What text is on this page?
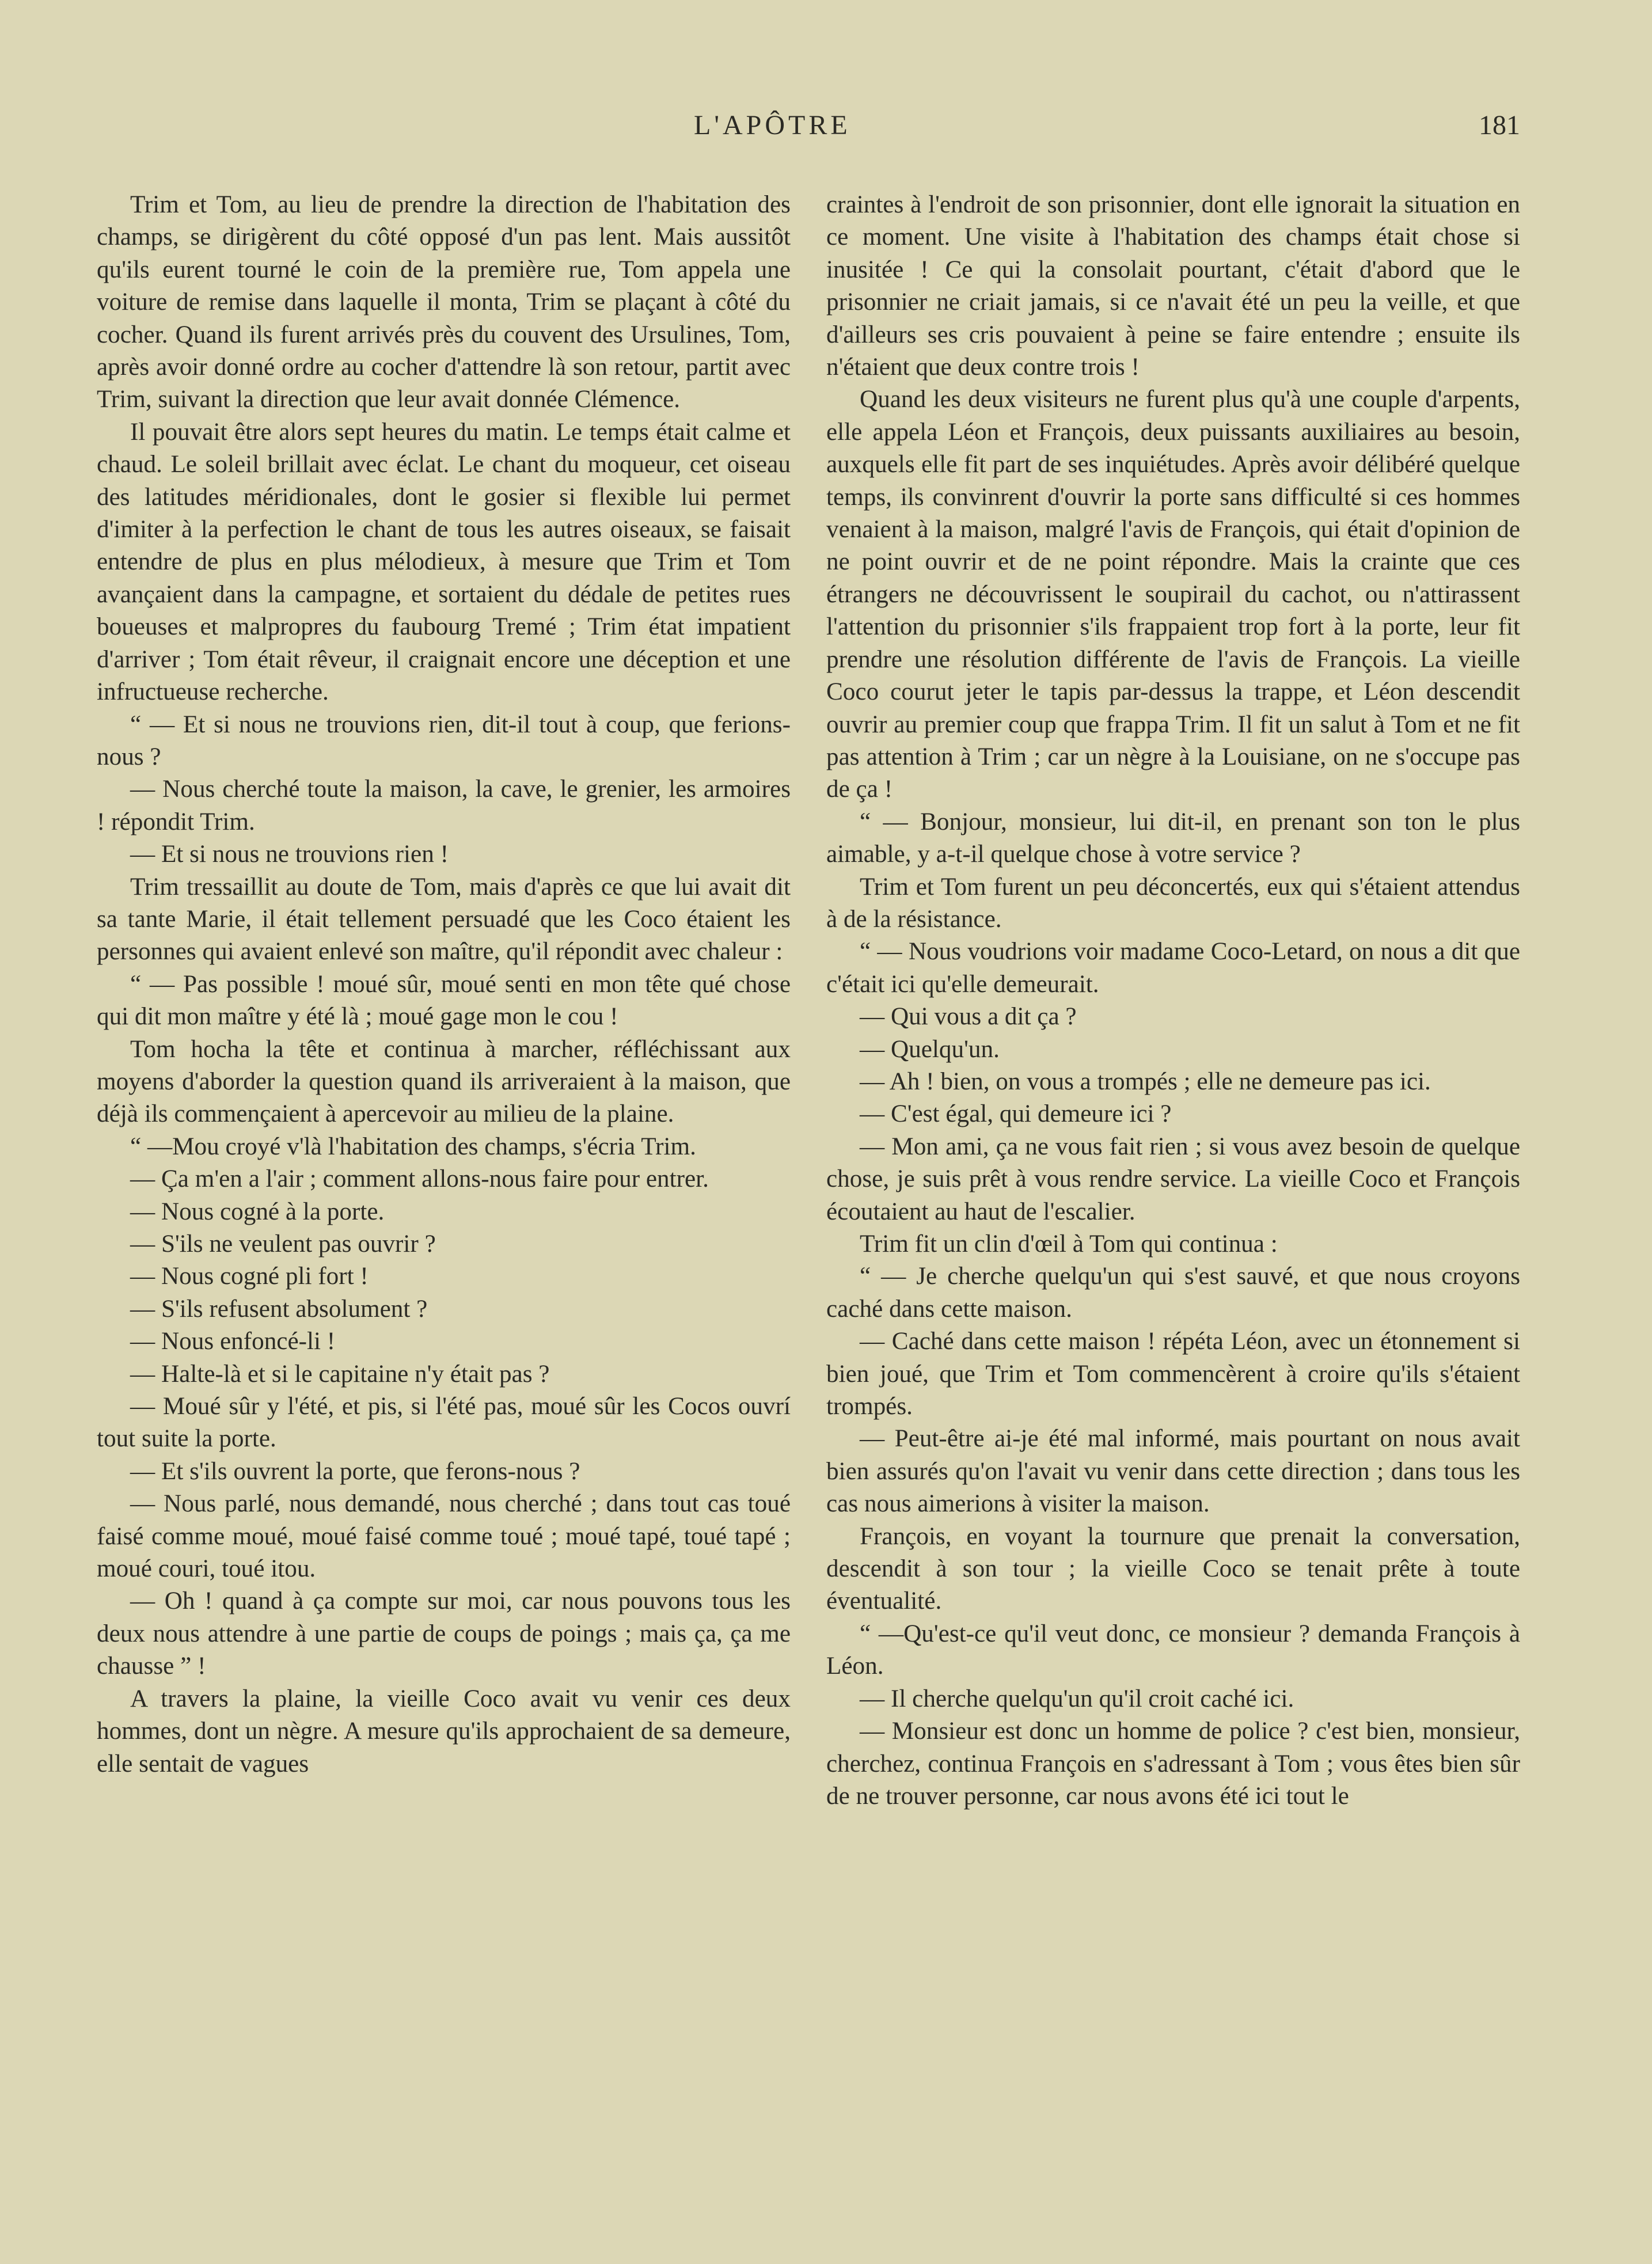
L'APÔTRE	181

Trim et Tom, au lieu de prendre la direction de l'habitation des champs, se dirigèrent du côté opposé d'un pas lent. Mais aussitôt qu'ils eurent tourné le coin de la première rue, Tom appela une voiture de remise dans laquelle il monta, Trim se plaçant à côté du cocher. Quand ils furent arrivés près du couvent des Ursulines, Tom, après avoir donné ordre au cocher d'attendre là son retour, partit avec Trim, suivant la direction que leur avait donnée Clémence.

Il pouvait être alors sept heures du matin. Le temps était calme et chaud. Le soleil brillait avec éclat. Le chant du moqueur, cet oiseau des latitudes méridionales, dont le gosier si flexible lui permet d'imiter à la perfection le chant de tous les autres oiseaux, se faisait entendre de plus en plus mélodieux, à mesure que Trim et Tom avançaient dans la campagne, et sortaient du dédale de petites rues boueuses et malpropres du faubourg Tremé ; Trim état impatient d'arriver ; Tom était rêveur, il craignait encore une déception et une infructueuse recherche.

“ — Et si nous ne trouvions rien, dit-il tout à coup, que ferions-nous ?

— Nous cherché toute la maison, la cave, le grenier, les armoires ! répondit Trim.

— Et si nous ne trouvions rien !

Trim tressaillit au doute de Tom, mais d'après ce que lui avait dit sa tante Marie, il était tellement persuadé que les Coco étaient les personnes qui avaient enlevé son maître, qu'il répondit avec chaleur :

“ — Pas possible ! moué sûr, moué senti en mon tête qué chose qui dit mon maître y été là ; moué gage mon le cou !

Tom hocha la tête et continua à marcher, réfléchissant aux moyens d'aborder la question quand ils arriveraient à la maison, que déjà ils commençaient à apercevoir au milieu de la plaine.

“ —Mou croyé v'là l'habitation des champs, s'écria Trim.

— Ça m'en a l'air ; comment allons-nous faire pour entrer.

— Nous cogné à la porte.

— S'ils ne veulent pas ouvrir ?

— Nous cogné pli fort !

— S'ils refusent absolument ?

— Nous enfoncé-li !

— Halte-là et si le capitaine n'y était pas ?

— Moué sûr y l'été, et pis, si l'été pas, moué sûr les Cocos ouvrí tout suite la porte.

— Et s'ils ouvrent la porte, que ferons-nous ?

— Nous parlé, nous demandé, nous cherché ; dans tout cas toué faisé comme moué, moué faisé comme toué ; moué tapé, toué tapé ; moué couri, toué itou.

— Oh ! quand à ça compte sur moi, car nous pouvons tous les deux nous attendre à une partie de coups de poings ; mais ça, ça me chausse ” !

A travers la plaine, la vieille Coco avait vu venir ces deux hommes, dont un nègre. A mesure qu'ils approchaient de sa demeure, elle sentait de vagues

craintes à l'endroit de son prisonnier, dont elle ignorait la situation en ce moment. Une visite à l'habitation des champs était chose si inusitée ! Ce qui la consolait pourtant, c'était d'abord que le prisonnier ne criait jamais, si ce n'avait été un peu la veille, et que d'ailleurs ses cris pouvaient à peine se faire entendre ; ensuite ils n'étaient que deux contre trois !

Quand les deux visiteurs ne furent plus qu'à une couple d'arpents, elle appela Léon et François, deux puissants auxiliaires au besoin, auxquels elle fit part de ses inquiétudes. Après avoir délibéré quelque temps, ils convinrent d'ouvrir la porte sans difficulté si ces hommes venaient à la maison, malgré l'avis de François, qui était d'opinion de ne point ouvrir et de ne point répondre. Mais la crainte que ces étrangers ne découvrissent le soupirail du cachot, ou n'attirassent l'attention du prisonnier s'ils frappaient trop fort à la porte, leur fit prendre une résolution différente de l'avis de François. La vieille Coco courut jeter le tapis par-dessus la trappe, et Léon descendit ouvrir au premier coup que frappa Trim. Il fit un salut à Tom et ne fit pas attention à Trim ; car un nègre à la Louisiane, on ne s'occupe pas de ça !

“ — Bonjour, monsieur, lui dit-il, en prenant son ton le plus aimable, y a-t-il quelque chose à votre service ?

Trim et Tom furent un peu déconcertés, eux qui s'étaient attendus à de la résistance.

“ — Nous voudrions voir madame Coco-Letard, on nous a dit que c'était ici qu'elle demeurait.

— Qui vous a dit ça ?

— Quelqu'un.

— Ah ! bien, on vous a trompés ; elle ne demeure pas ici.

— C'est égal, qui demeure ici ?

— Mon ami, ça ne vous fait rien ; si vous avez besoin de quelque chose, je suis prêt à vous rendre service. La vieille Coco et François écoutaient au haut de l'escalier.

Trim fit un clin d'œil à Tom qui continua :

“ — Je cherche quelqu'un qui s'est sauvé, et que nous croyons caché dans cette maison.

— Caché dans cette maison ! répéta Léon, avec un étonnement si bien joué, que Trim et Tom commencèrent à croire qu'ils s'étaient trompés.

— Peut-être ai-je été mal informé, mais pourtant on nous avait bien assurés qu'on l'avait vu venir dans cette direction ; dans tous les cas nous aimerions à visiter la maison.

François, en voyant la tournure que prenait la conversation, descendit à son tour ; la vieille Coco se tenait prête à toute éventualité.

“ —Qu'est-ce qu'il veut donc, ce monsieur ? demanda François à Léon.

— Il cherche quelqu'un qu'il croit caché ici.

— Monsieur est donc un homme de police ? c'est bien, monsieur, cherchez, continua François en s'adressant à Tom ; vous êtes bien sûr de ne trouver personne, car nous avons été ici tout le
